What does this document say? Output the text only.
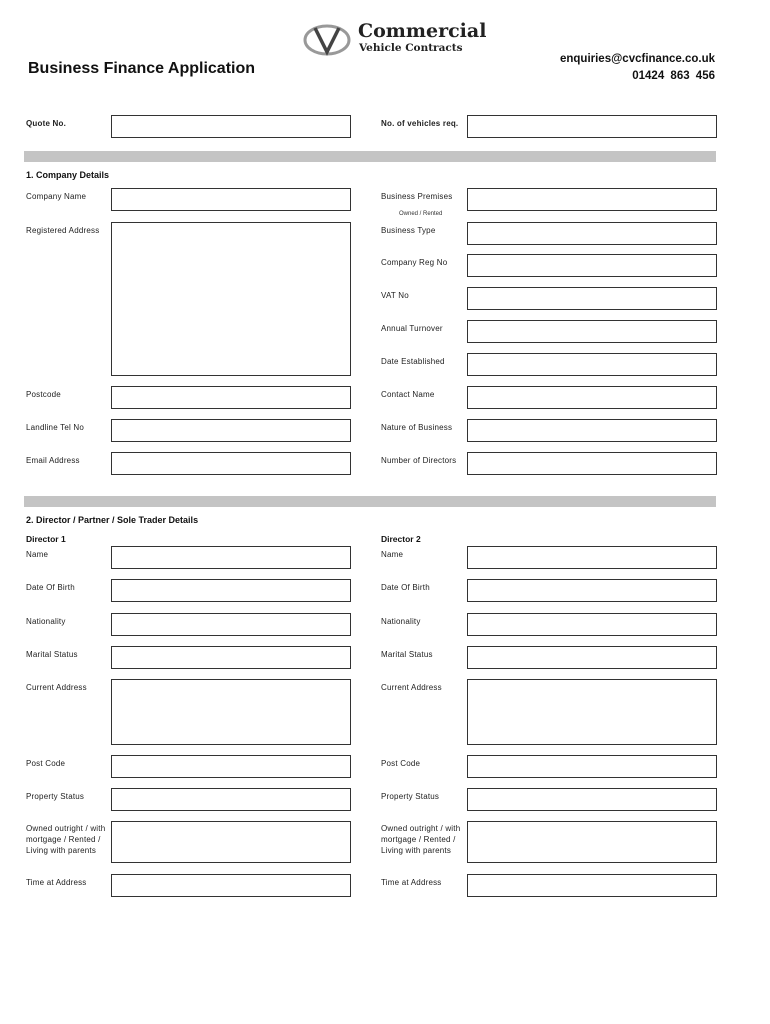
Business Finance Application
Commercial
Vehicle Contracts
enquiries@cvcfinance.co.uk
01424 863 456
Quote No.	No. of vehicles req.
1. Company Details
Company Name
Registered Address
Postcode
Landline Tel No
Email Address
Business Premises
Owned / Rented
Business Type
Company Reg No
VAT No
Annual Turnover
Date Established
Contact Name
Nature of Business
Number of Directors
2. Director / Partner / Sole Trader Details
Director 1	Director 2
Name
Date Of Birth
Nationality
Marital Status
Current Address
Post Code
Property Status
Owned outright / with
mortgage / Rented /
Living with parents
Time at Address
Name
Date Of Birth
Nationality
Marital Status
Current Address
Post Code
Property Status
Owned outright / with
mortgage / Rented /
Living with parents
Time at Address
